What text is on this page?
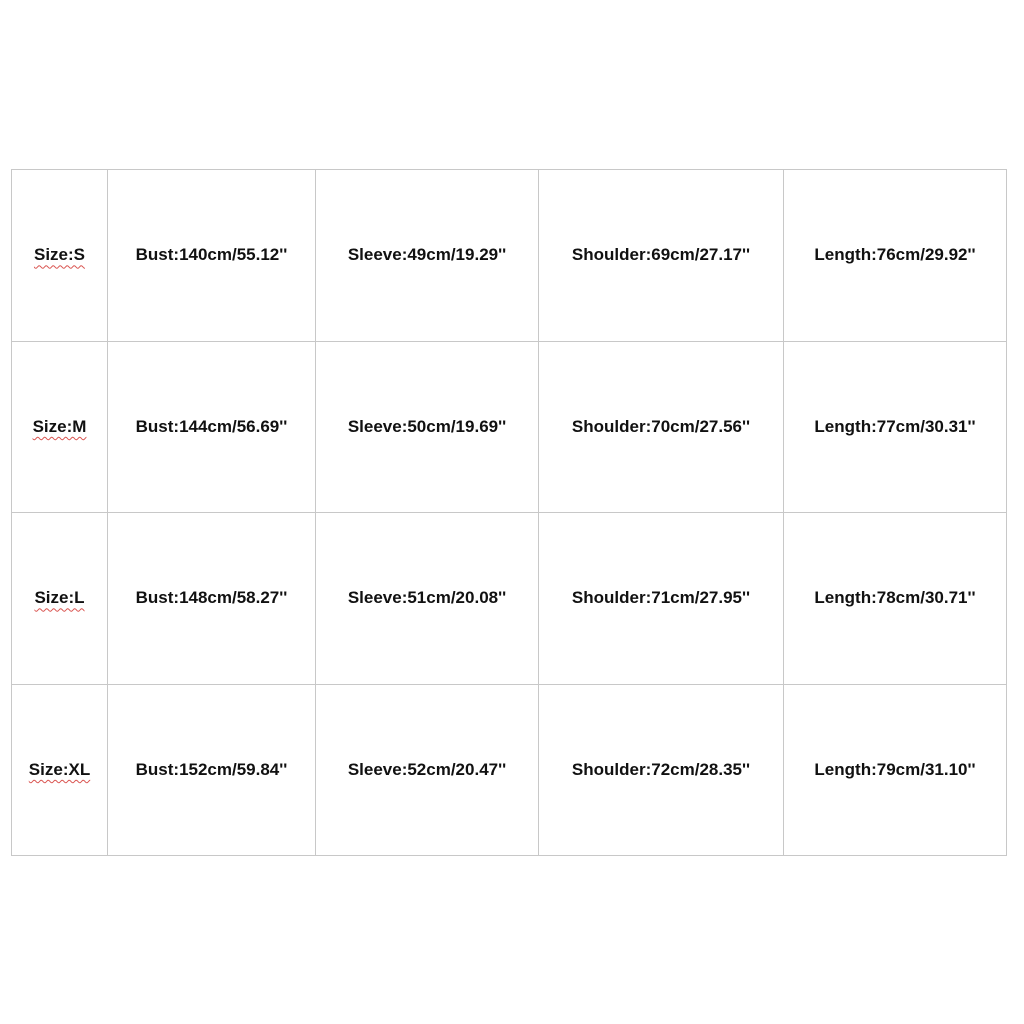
Size:S	Bust:140cm/55.12''	Sleeve:49cm/19.29''	Shoulder:69cm/27.17''	Length:76cm/29.92''
Size:M	Bust:144cm/56.69''	Sleeve:50cm/19.69''	Shoulder:70cm/27.56''	Length:77cm/30.31''
Size:L	Bust:148cm/58.27''	Sleeve:51cm/20.08''	Shoulder:71cm/27.95''	Length:78cm/30.71''
Size:XL	Bust:152cm/59.84''	Sleeve:52cm/20.47''	Shoulder:72cm/28.35''	Length:79cm/31.10''
